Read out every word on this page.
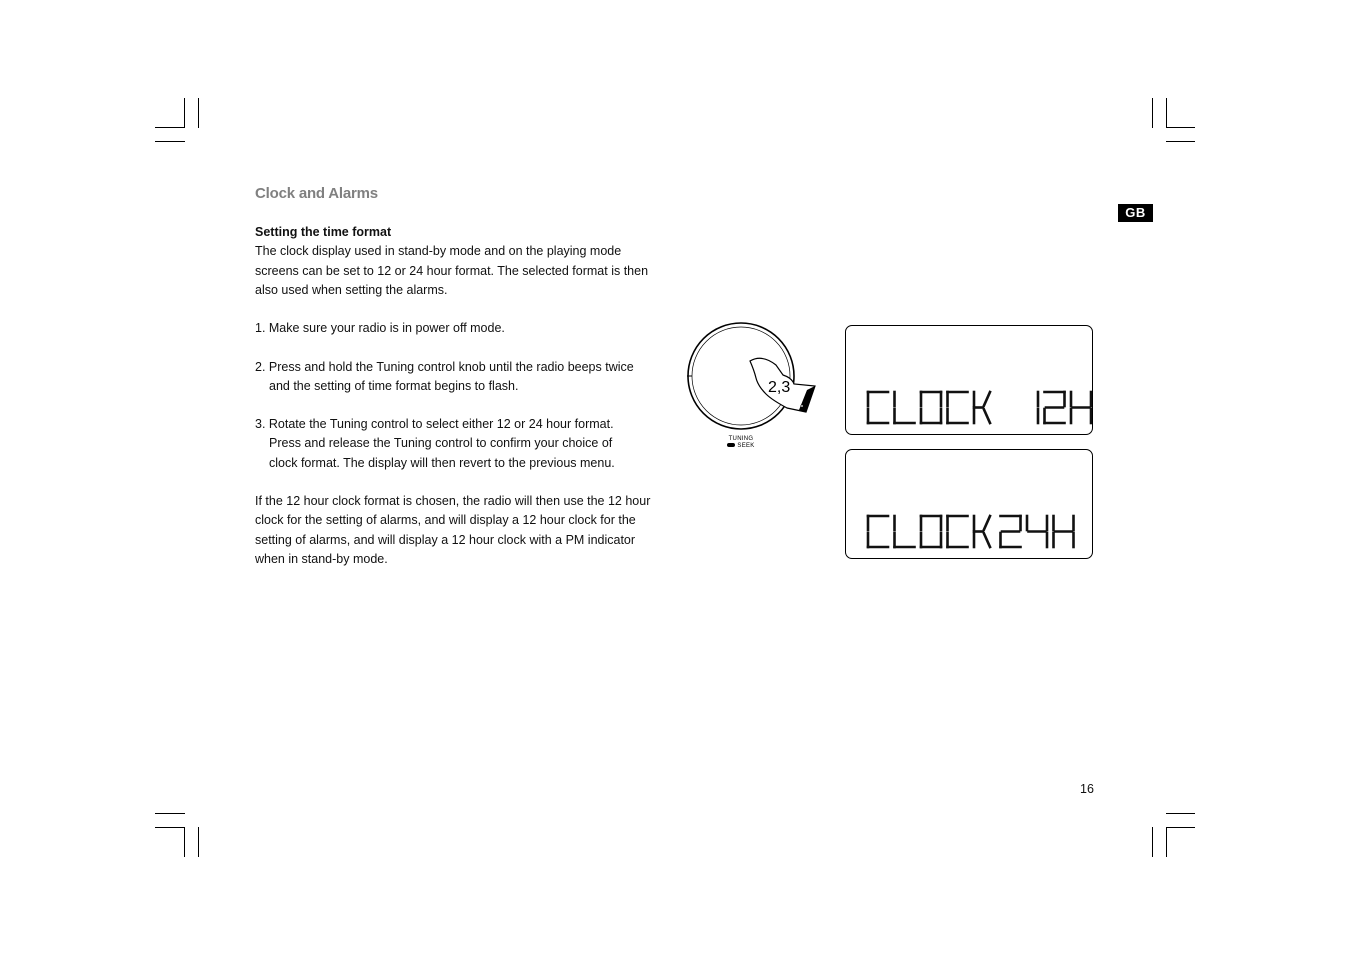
Clock and Alarms
GB
Setting the time format
The clock display used in stand-by mode and on the playing mode
screens can be set to 12 or 24 hour format. The selected format is then
also used when setting the alarms.
1. Make sure your radio is in power off mode.
2. Press and hold the Tuning control knob until the radio beeps twice
and the setting of time format begins to flash.
3. Rotate the Tuning control to select either 12 or 24 hour format.
Press and release the Tuning control to confirm your choice of
clock format. The display will then revert to the previous menu.
If the 12 hour clock format is chosen, the radio will then use the 12 hour
clock for the setting of alarms, and will display a 12 hour clock for the
setting of alarms, and will display a 12 hour clock with a PM indicator
when in stand-by mode.
2,3
TUNING
SEEK
16
